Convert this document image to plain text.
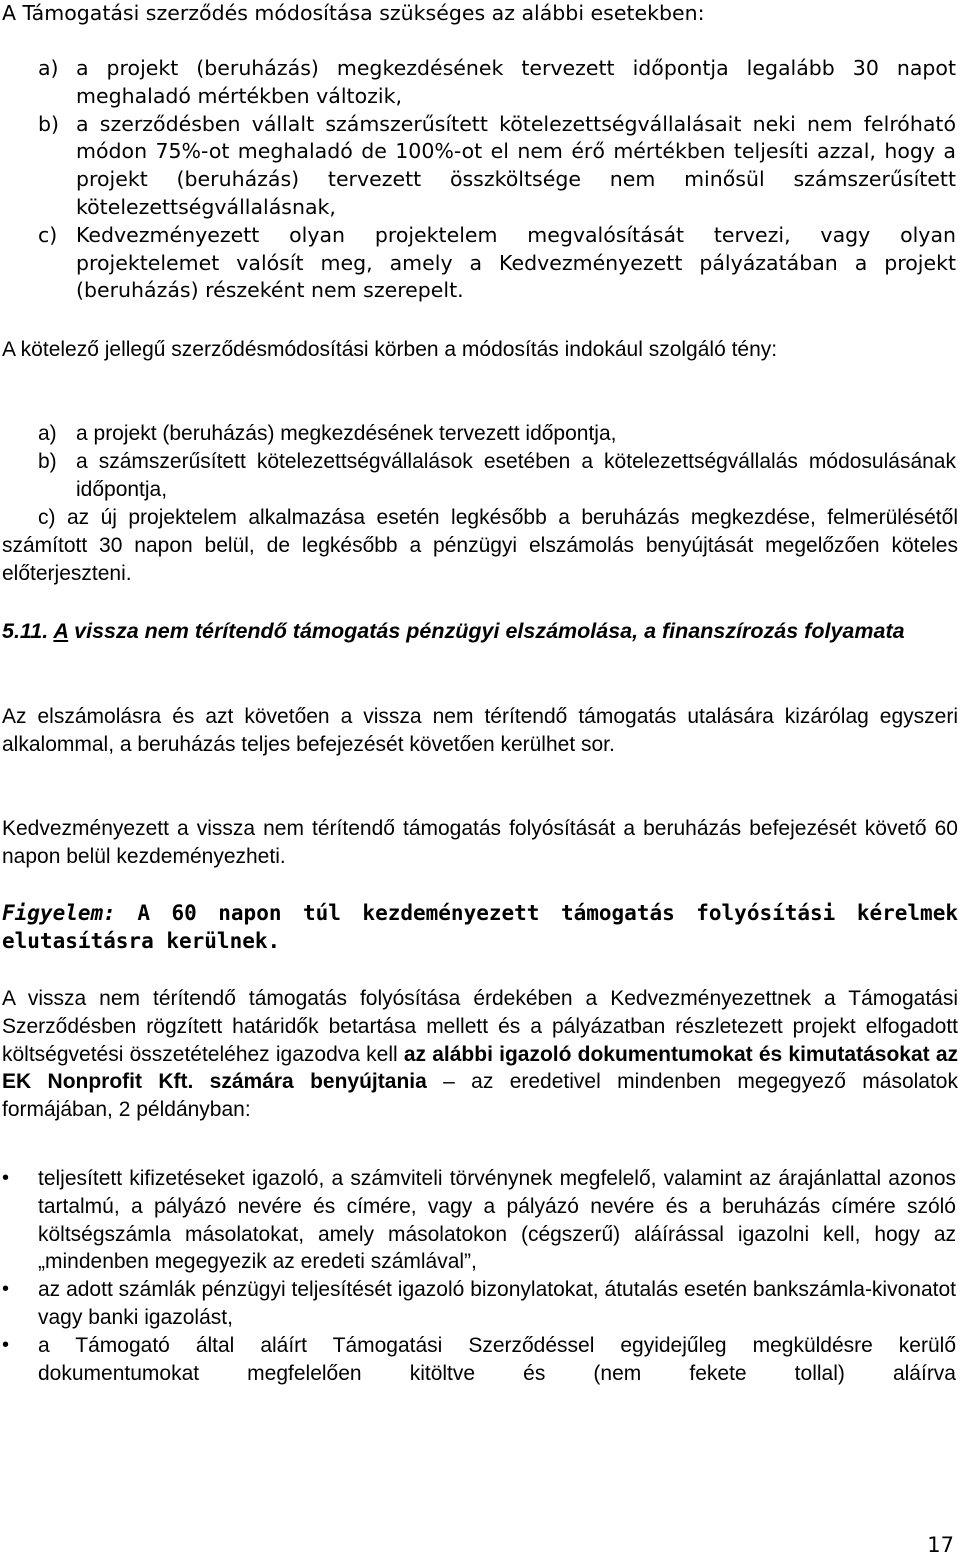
A Támogatási szerződés módosítása szükséges az alábbi esetekben:
a) a projekt (beruházás) megkezdésének tervezett időpontja legalább 30 napot meghaladó mértékben változik,
b) a szerződésben vállalt számszerűsített kötelezettségvállalásait neki nem felróható módon 75%-ot meghaladó de 100%-ot el nem érő mértékben teljesíti azzal, hogy a projekt (beruházás) tervezett összköltsége nem minősül számszerűsített kötelezettségvállalásnak,
c) Kedvezményezett olyan projektelem megvalósítását tervezi, vagy olyan projektelemet valósít meg, amely a Kedvezményezett pályázatában a projekt (beruházás) részeként nem szerepelt.
A kötelező jellegű szerződésmódosítási körben a módosítás indokául szolgáló tény:
a) a projekt (beruházás) megkezdésének tervezett időpontja,
b) a számszerűsített kötelezettségvállalások esetében a kötelezettségvállalás módosulásának időpontja,
c) az új projektelem alkalmazása esetén legkésőbb a beruházás megkezdése, felmerülésétől számított 30 napon belül, de legkésőbb a pénzügyi elszámolás benyújtását megelőzően köteles előterjeszteni.
5.11. A vissza nem térítendő támogatás pénzügyi elszámolása, a finanszírozás folyamata
Az elszámolásra és azt követően a vissza nem térítendő támogatás utalására kizárólag egyszeri alkalommal, a beruházás teljes befejezését követően kerülhet sor.
Kedvezményezett a vissza nem térítendő támogatás folyósítását a beruházás befejezését követő 60 napon belül kezdeményezheti.
Figyelem: A 60 napon túl kezdeményezett támogatás folyósítási kérelmek elutasításra kerülnek.
A vissza nem térítendő támogatás folyósítása érdekében a Kedvezményezettnek a Támogatási Szerződésben rögzített határidők betartása mellett és a pályázatban részletezett projekt elfogadott költségvetési összetételéhez igazodva kell az alábbi igazoló dokumentumokat és kimutatásokat az EK Nonprofit Kft. számára benyújtania – az eredetivel mindenben megegyező másolatok formájában, 2 példányban:
• teljesített kifizetéseket igazoló, a számviteli törvénynek megfelelő, valamint az árajánlattal azonos tartalmú, a pályázó nevére és címére, vagy a pályázó nevére és a beruházás címére szóló költségszámla másolatokat, amely másolatokon (cégszerű) aláírással igazolni kell, hogy az „mindenben megegyezik az eredeti számlával”,
• az adott számlák pénzügyi teljesítését igazoló bizonylatokat, átutalás esetén bankszámla-kivonatot vagy banki igazolást,
• a Támogató által aláírt Támogatási Szerződéssel egyidejűleg megküldésre kerülő dokumentumokat megfelelően kitöltve és (nem fekete tollal) aláírva
17
